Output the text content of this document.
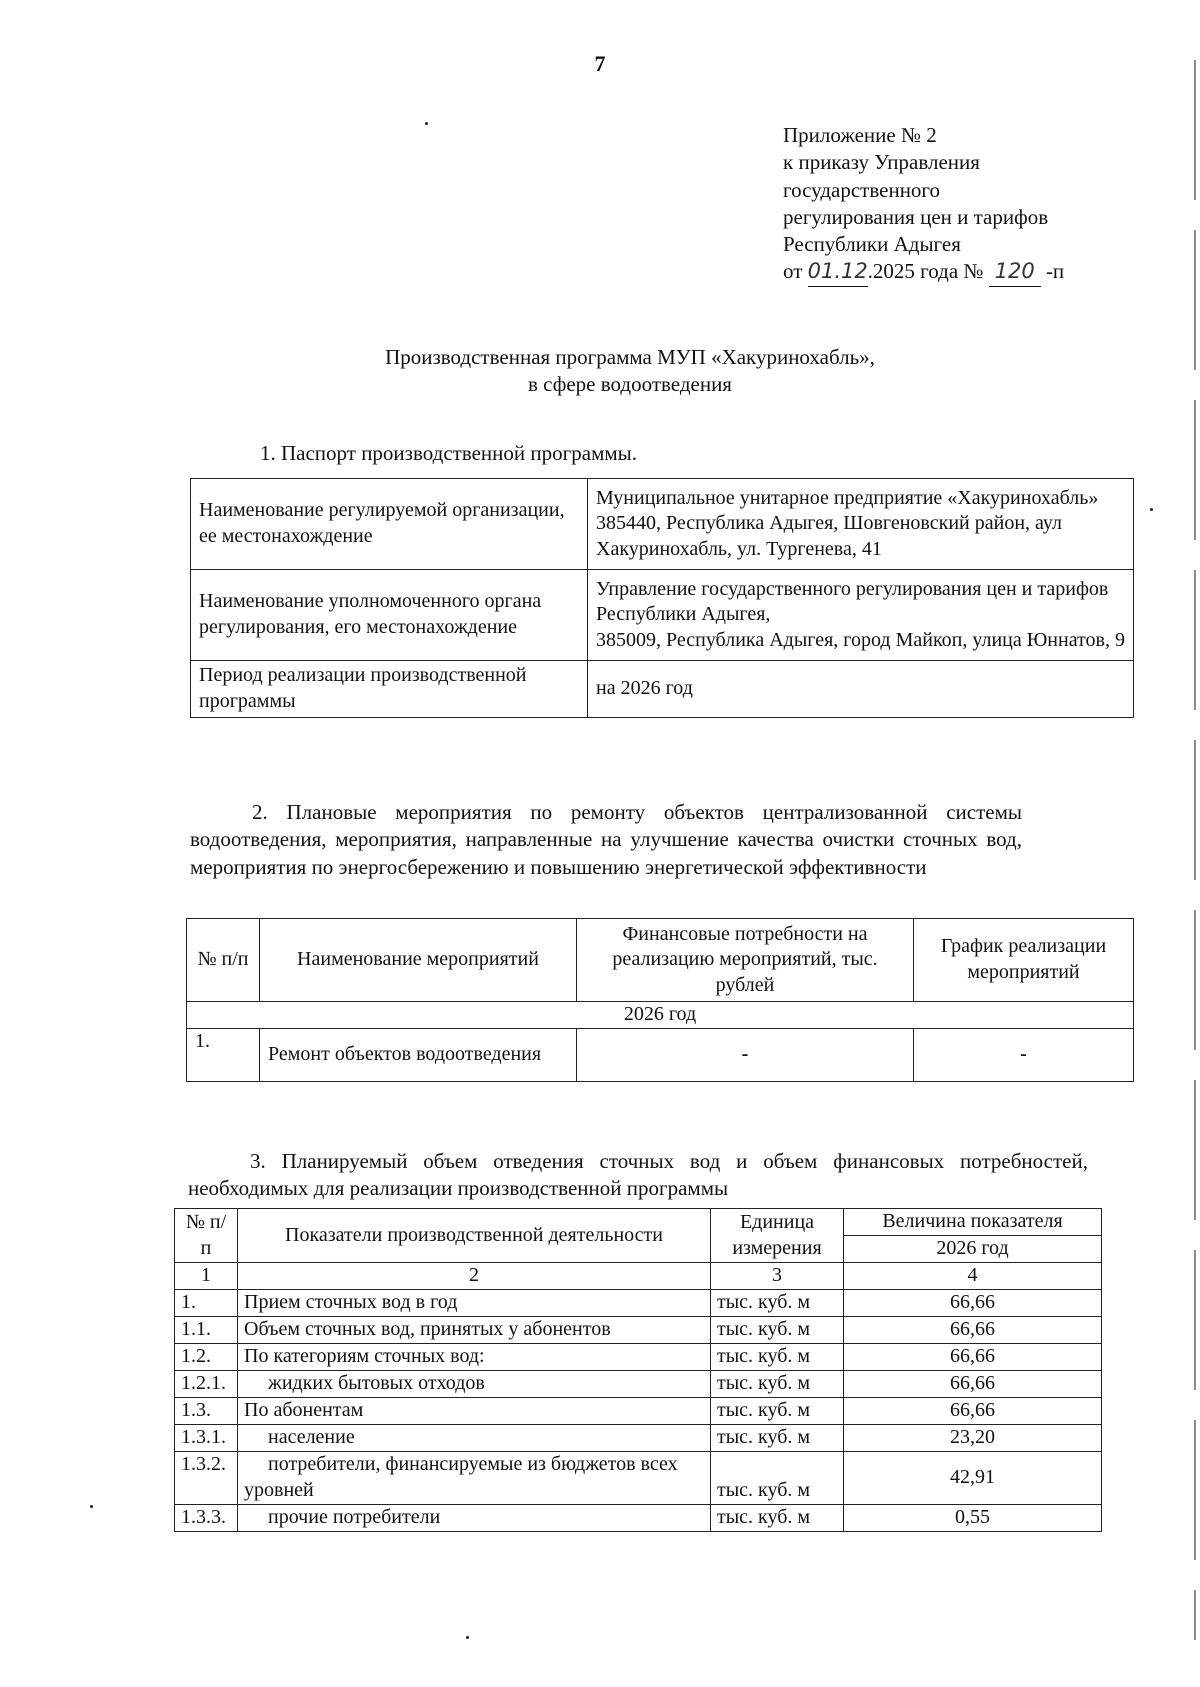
7
Приложение № 2
к приказу Управления
государственного
регулирования цен и тарифов
Республики Адыгея
от 01.12.2025 года № 120 -п
Производственная программа МУП «Хакуринохабль»,
в сфере водоотведения
1. Паспорт производственной программы.
Наименование регулируемой организации, ее местонахождение	Муниципальное унитарное предприятие «Хакуринохабль»
385440, Республика Адыгея, Шовгеновский район, аул Хакуринохабль, ул. Тургенева, 41

Наименование уполномоченного органа регулирования, его местонахождение	Управление государственного регулирования цен и тарифов Республики Адыгея,
385009, Республика Адыгея, город Майкоп, улица Юннатов, 9

Период реализации производственной программы	на 2026 год
2. Плановые мероприятия по ремонту объектов централизованной системы водоотведения, мероприятия, направленные на улучшение качества очистки сточных вод, мероприятия по энергосбережению и повышению энергетической эффективности
№ п/п	Наименование мероприятий	Финансовые потребности на реализацию мероприятий, тыс. рублей	График реализации мероприятий
2026 год			
1.	Ремонт объектов водоотведения	-	-
3. Планируемый объем отведения сточных вод и объем финансовых потребностей, необходимых для реализации производственной программы
№ п/п	Показатели производственной деятельности	Единица измерения	Величина показателя
			2026 год
1	2	3	4
1.	Прием сточных вод в год	тыс. куб. м	66,66
1.1.	Объем сточных вод, принятых у абонентов	тыс. куб. м	66,66
1.2.	По категориям сточных вод:	тыс. куб. м	66,66
1.2.1.	жидких бытовых отходов	тыс. куб. м	66,66
1.3.	По абонентам	тыс. куб. м	66,66
1.3.1.	население	тыс. куб. м	23,20
1.3.2.	потребители, финансируемые из бюджетов всех уровней	тыс. куб. м	42,91
1.3.3.	прочие потребители	тыс. куб. м	0,55
